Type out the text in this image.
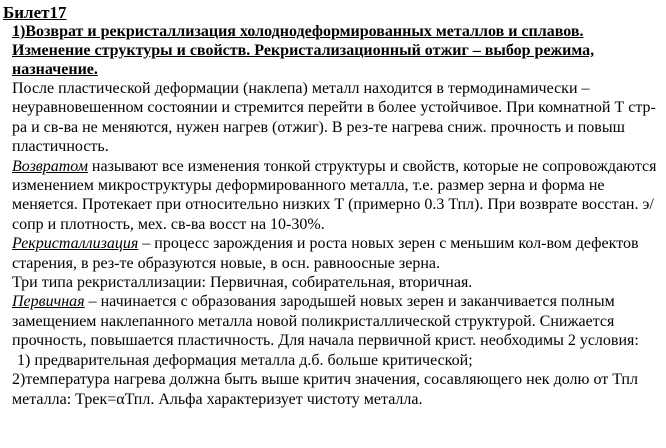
Билет17
1)Возврат и рекристаллизация холоднодеформированных металлов и сплавов. Изменение структуры и свойств. Рекристализационный отжиг – выбор режима, назначение.
После пластической деформации (наклепа) металл находится в термодинамически – неуравновешенном состоянии и стремится перейти в более устойчивое. При комнатной Т стр-ра и св-ва не меняются, нужен нагрев (отжиг). В рез-те нагрева сниж. прочность и повыш пластичность.
Возвратом называют все изменения тонкой структуры и свойств, которые не сопровождаются изменением микроструктуры деформированного металла, т.е. размер зерна и форма не меняется. Протекает при относительно низких Т (примерно 0.3 Тпл). При возврате восстан. э/сопр и плотность, мех. св-ва восст на 10-30%.
Рекристаллизация – процесс зарождения и роста новых зерен с меньшим кол-вом дефектов старения, в рез-те образуются новые, в осн. равноосные зерна.
Три типа рекристаллизации: Первичная, собирательная, вторичная.
Первичная – начинается с образования зародышей новых зерен и заканчивается полным замещением наклепанного металла новой поликристаллической структурой. Снижается прочность, повышается пластичность. Для начала первичной крист. необходимы 2 условия:
1) предварительная деформация металла д.б. больше критической;
2)температура нагрева должна быть выше критич значения, сосавляющего нек долю от Тпл металла: Трек=αТпл. Альфа характеризует чистоту металла.
